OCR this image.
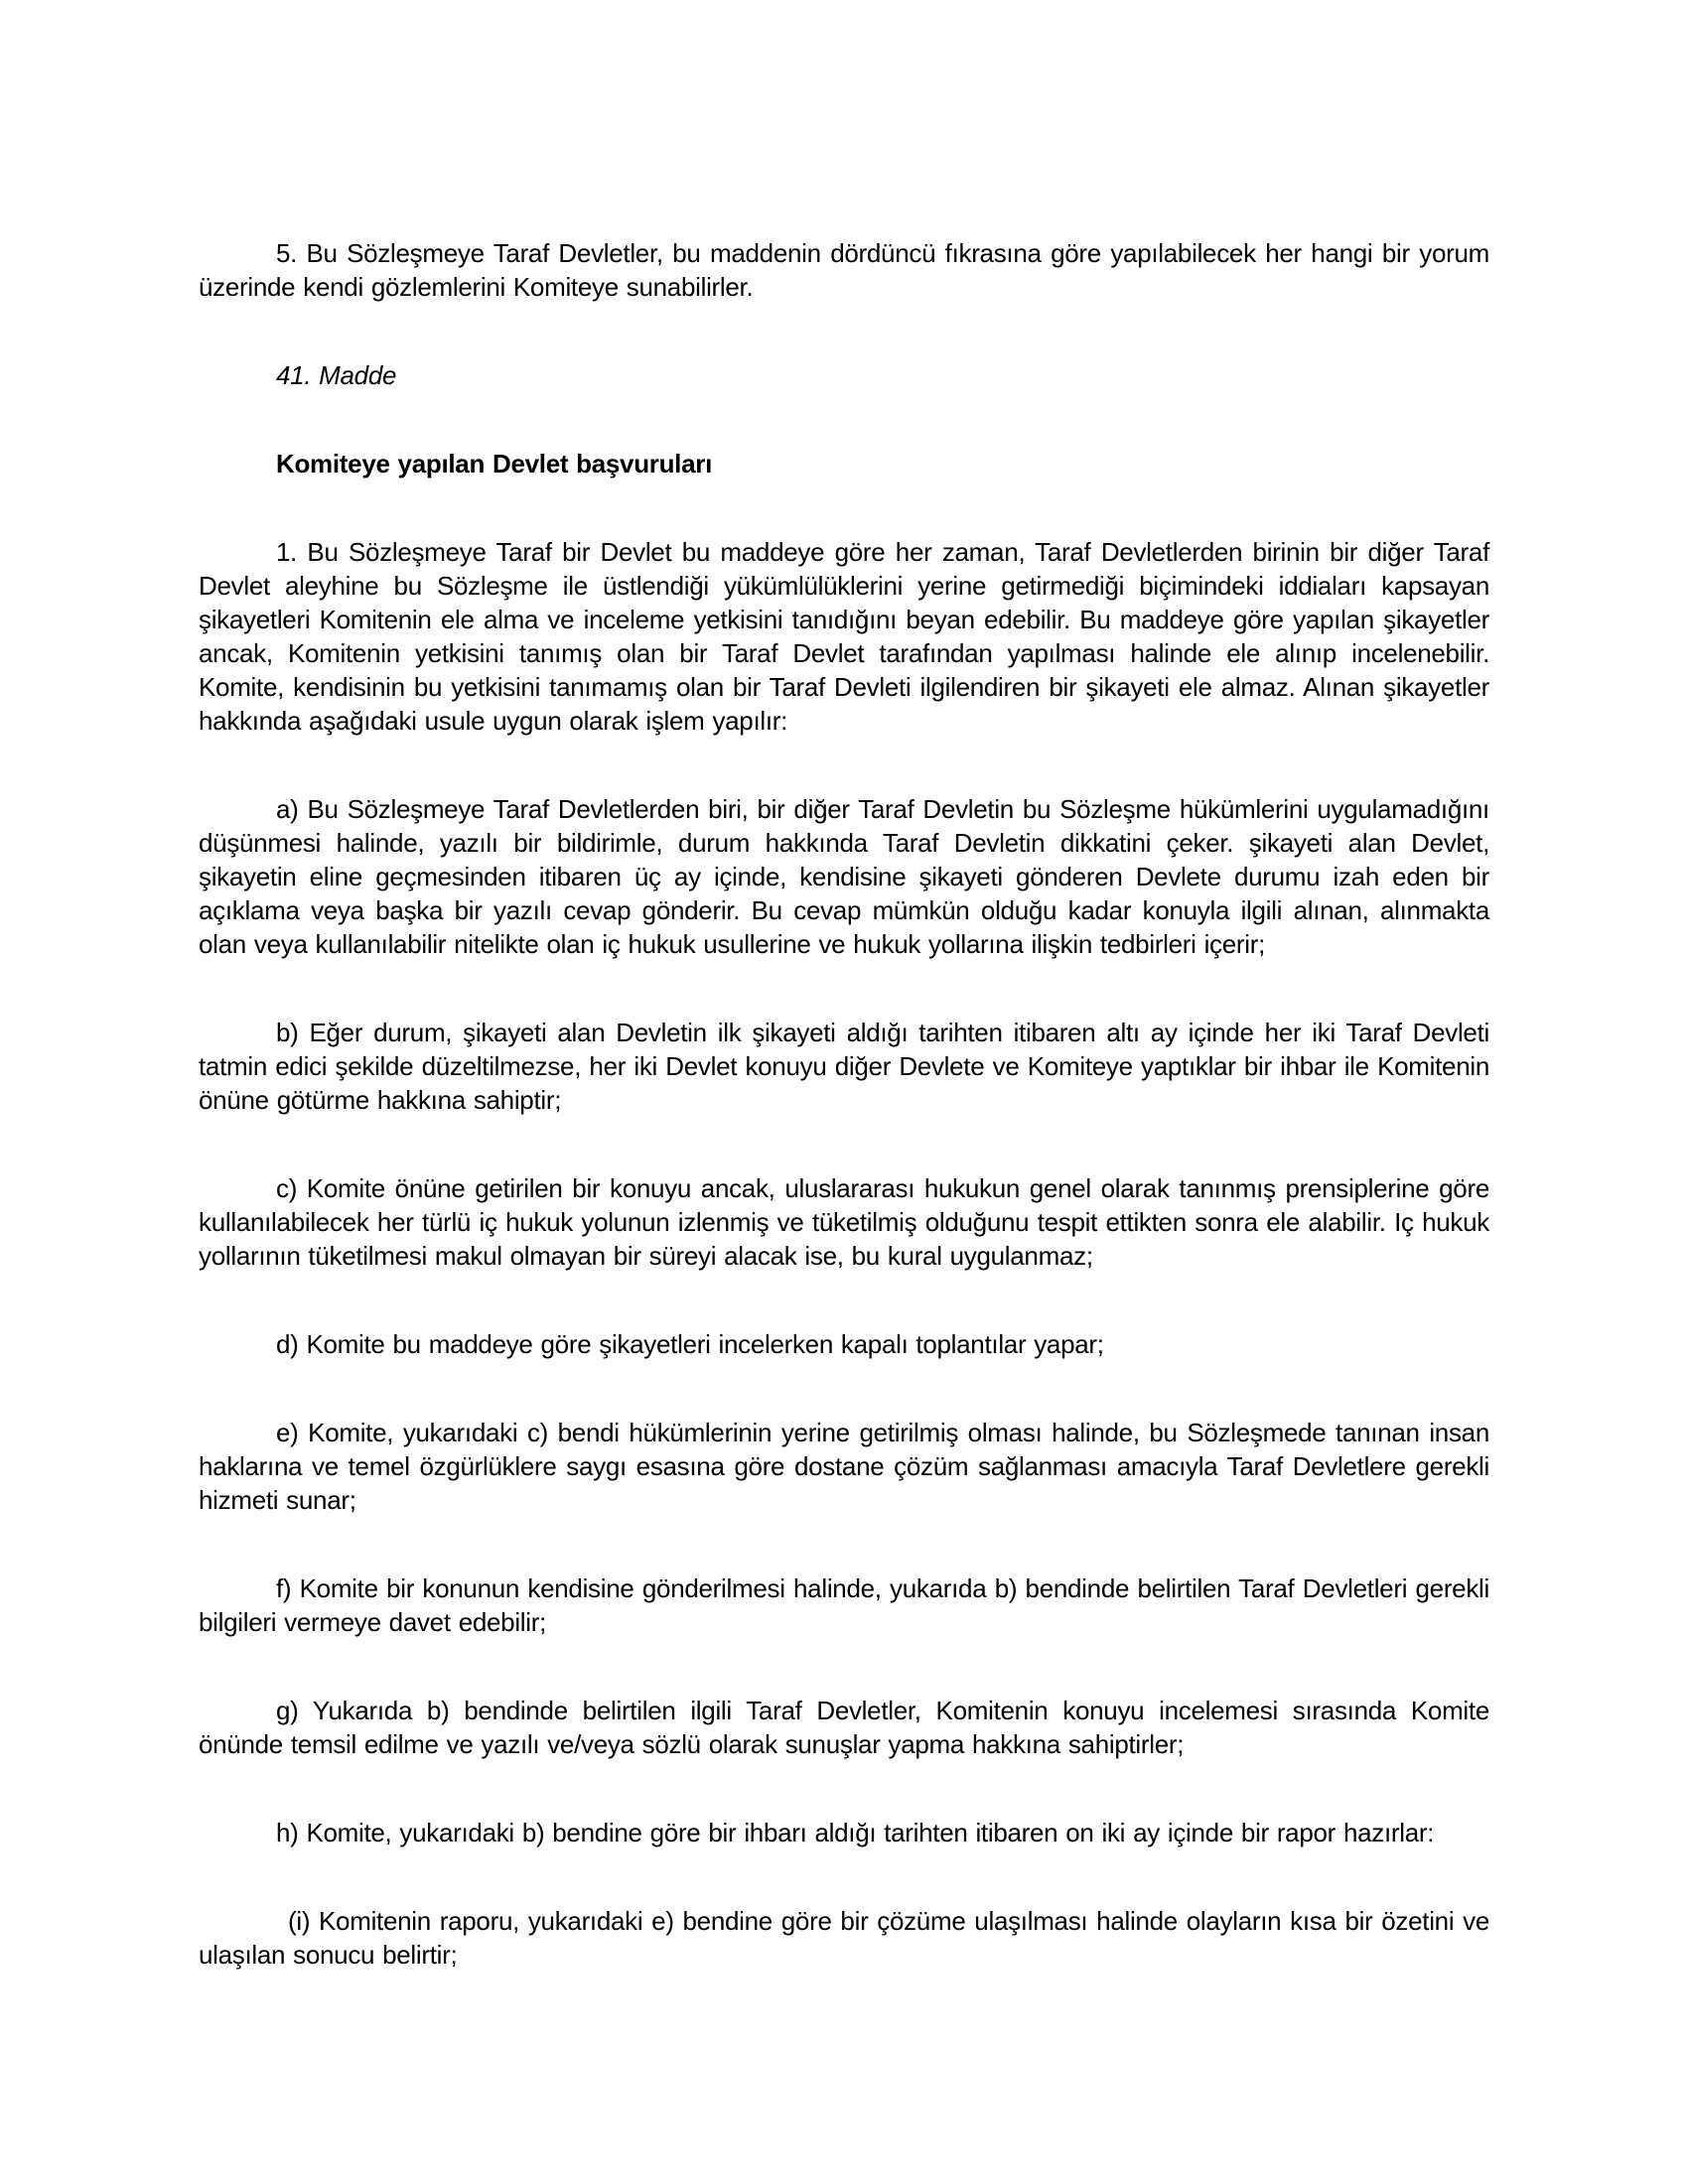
5. Bu Sözleşmeye Taraf Devletler, bu maddenin dördüncü fıkrasına göre yapılabilecek her hangi bir yorum üzerinde kendi gözlemlerini Komiteye sunabilirler.

41. Madde

Komiteye yapılan Devlet başvuruları

1. Bu Sözleşmeye Taraf bir Devlet bu maddeye göre her zaman, Taraf Devletlerden birinin bir diğer Taraf Devlet aleyhine bu Sözleşme ile üstlendiği yükümlülüklerini yerine getirmediği biçimindeki iddiaları kapsayan şikayetleri Komitenin ele alma ve inceleme yetkisini tanıdığını beyan edebilir. Bu maddeye göre yapılan şikayetler ancak, Komitenin yetkisini tanımış olan bir Taraf Devlet tarafından yapılması halinde ele alınıp incelenebilir. Komite, kendisinin bu yetkisini tanımamış olan bir Taraf Devleti ilgilendiren bir şikayeti ele almaz. Alınan şikayetler hakkında aşağıdaki usule uygun olarak işlem yapılır:

a) Bu Sözleşmeye Taraf Devletlerden biri, bir diğer Taraf Devletin bu Sözleşme hükümlerini uygulamadığını düşünmesi halinde, yazılı bir bildirimle, durum hakkında Taraf Devletin dikkatini çeker. şikayeti alan Devlet, şikayetin eline geçmesinden itibaren üç ay içinde, kendisine şikayeti gönderen Devlete durumu izah eden bir açıklama veya başka bir yazılı cevap gönderir. Bu cevap mümkün olduğu kadar konuyla ilgili alınan, alınmakta olan veya kullanılabilir nitelikte olan iç hukuk usullerine ve hukuk yollarına ilişkin tedbirleri içerir;

b) Eğer durum, şikayeti alan Devletin ilk şikayeti aldığı tarihten itibaren altı ay içinde her iki Taraf Devleti tatmin edici şekilde düzeltilmezse, her iki Devlet konuyu diğer Devlete ve Komiteye yaptıklar bir ihbar ile Komitenin önüne götürme hakkına sahiptir;

c) Komite önüne getirilen bir konuyu ancak, uluslararası hukukun genel olarak tanınmış prensiplerine göre kullanılabilecek her türlü iç hukuk yolunun izlenmiş ve tüketilmiş olduğunu tespit ettikten sonra ele alabilir. Iç hukuk yollarının tüketilmesi makul olmayan bir süreyi alacak ise, bu kural uygulanmaz;

d) Komite bu maddeye göre şikayetleri incelerken kapalı toplantılar yapar;

e) Komite, yukarıdaki c) bendi hükümlerinin yerine getirilmiş olması halinde, bu Sözleşmede tanınan insan haklarına ve temel özgürlüklere saygı esasına göre dostane çözüm sağlanması amacıyla Taraf Devletlere gerekli hizmeti sunar;

f) Komite bir konunun kendisine gönderilmesi halinde, yukarıda b) bendinde belirtilen Taraf Devletleri gerekli bilgileri vermeye davet edebilir;

g) Yukarıda b) bendinde belirtilen ilgili Taraf Devletler, Komitenin konuyu incelemesi sırasında Komite önünde temsil edilme ve yazılı ve/veya sözlü olarak sunuşlar yapma hakkına sahiptirler;

h) Komite, yukarıdaki b) bendine göre bir ihbarı aldığı tarihten itibaren on iki ay içinde bir rapor hazırlar:

(i) Komitenin raporu, yukarıdaki e) bendine göre bir çözüme ulaşılması halinde olayların kısa bir özetini ve ulaşılan sonucu belirtir;
